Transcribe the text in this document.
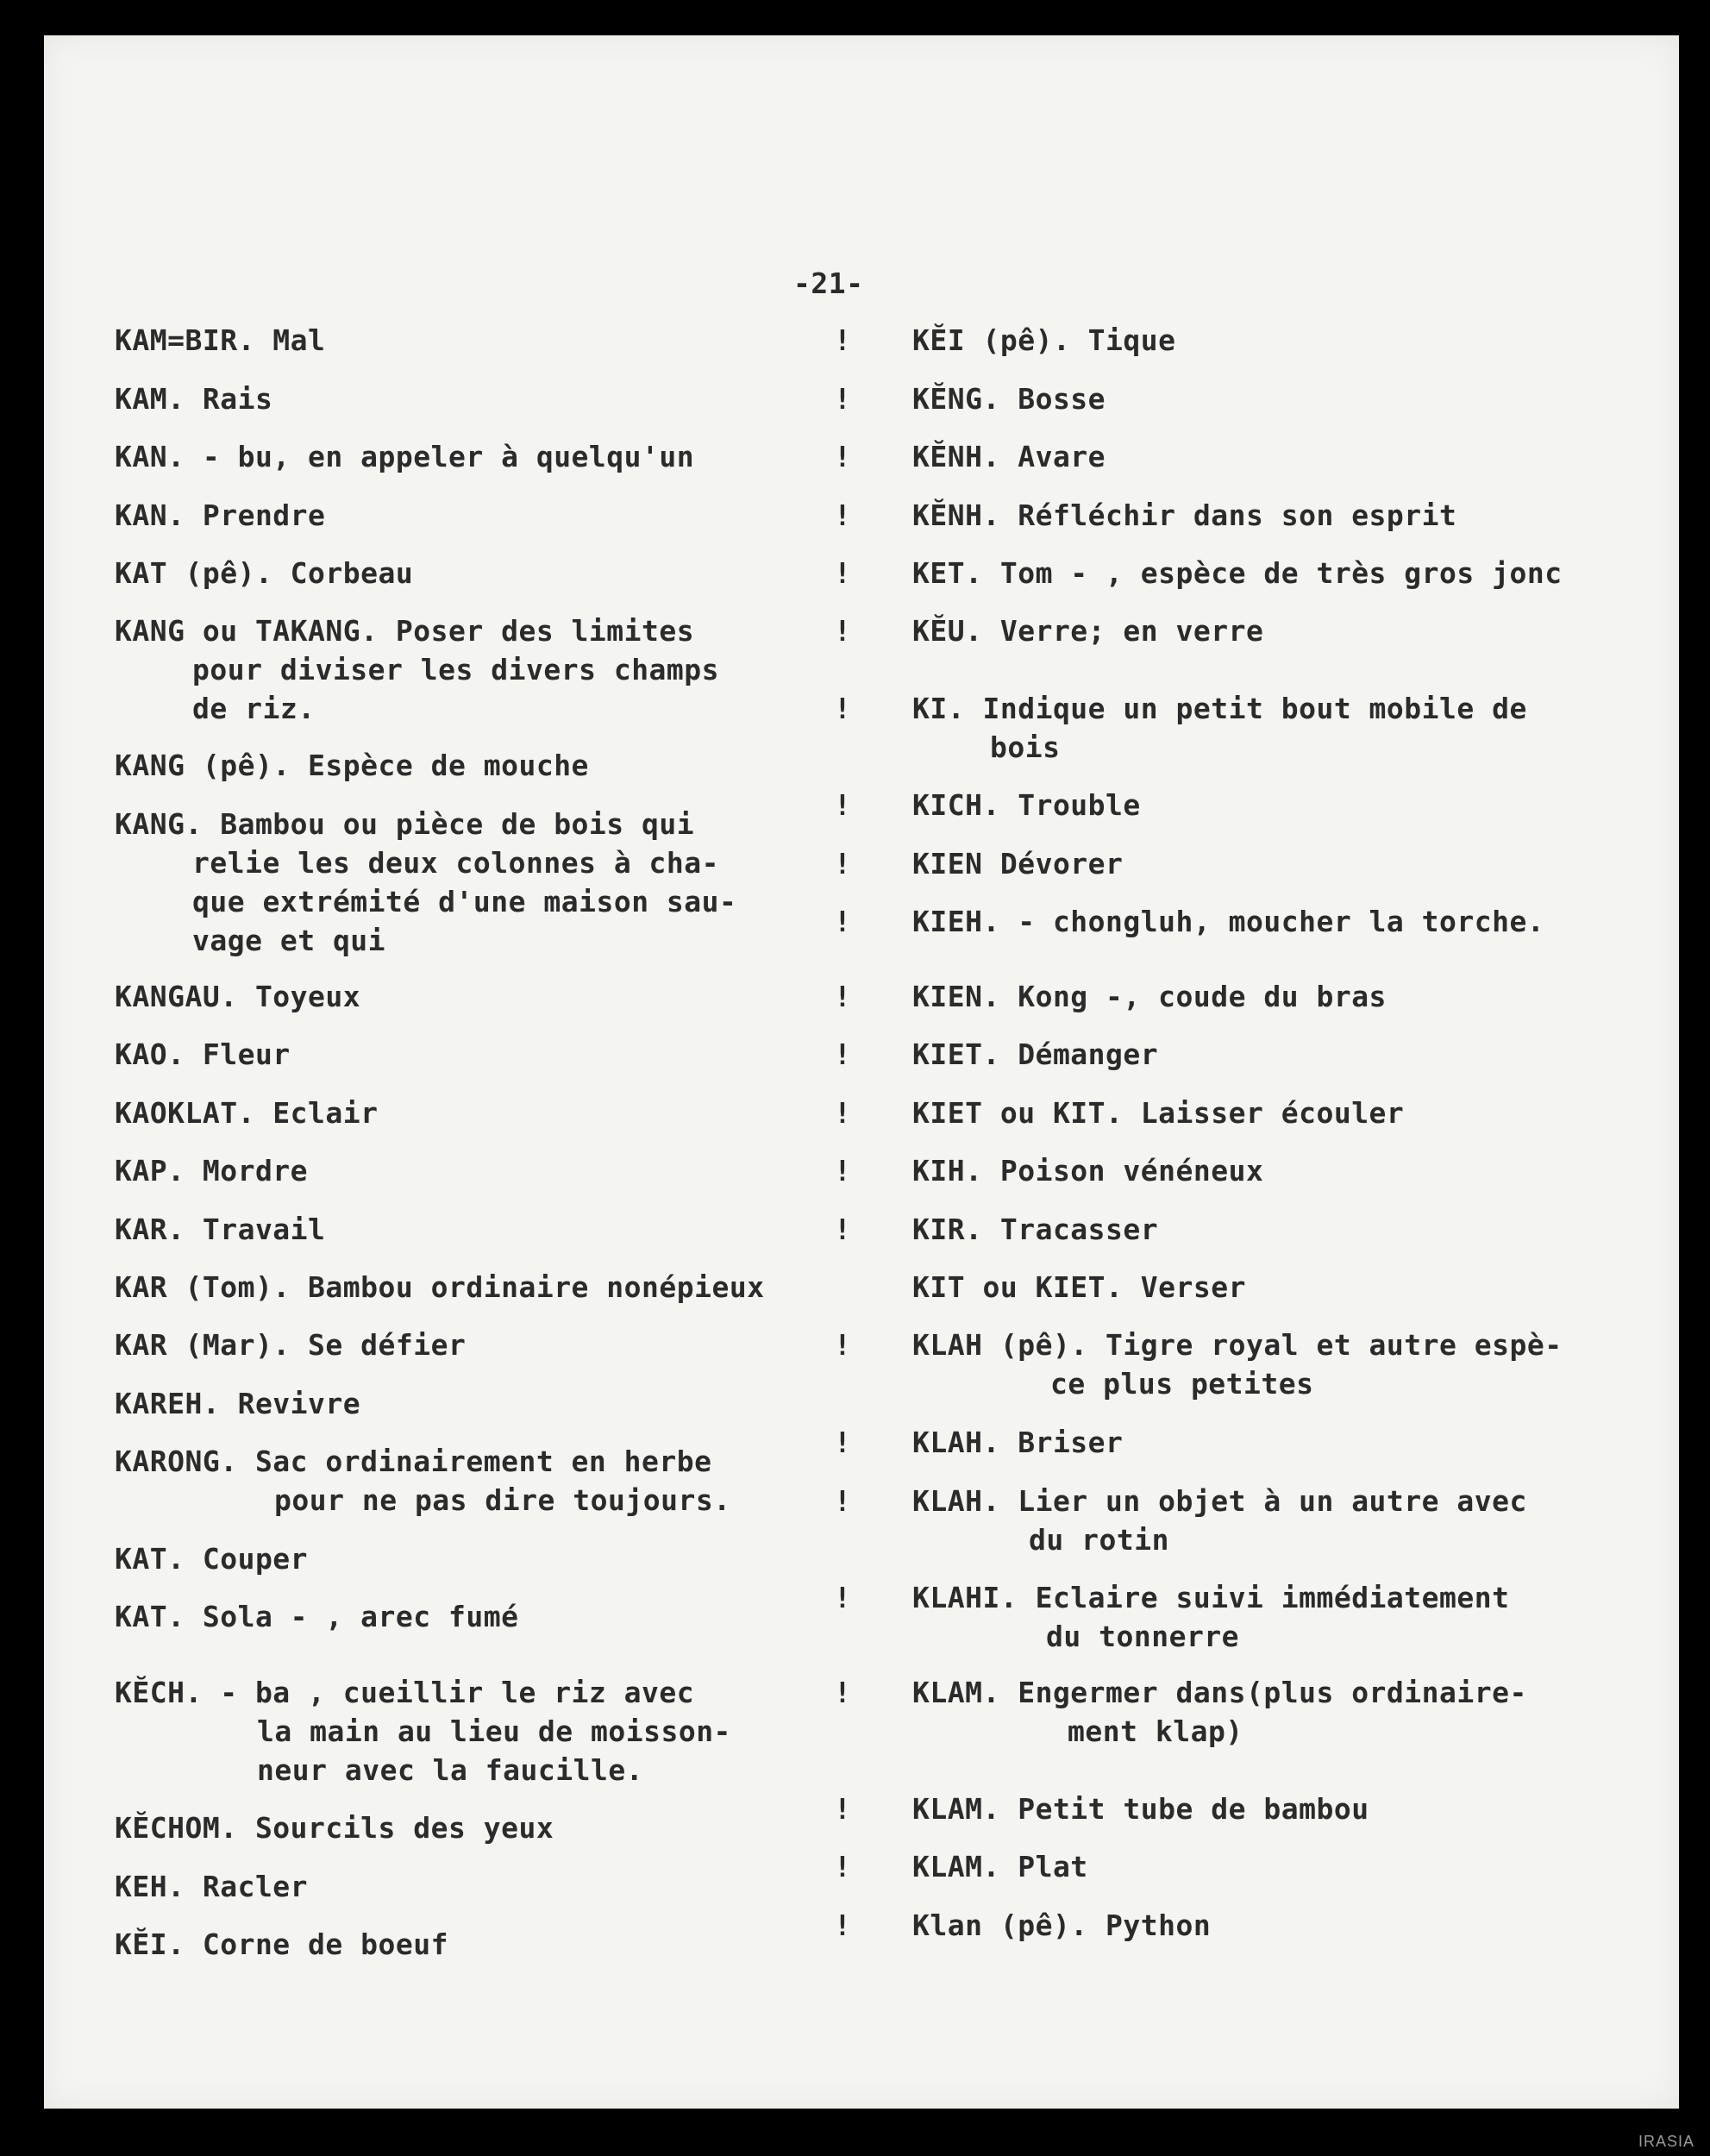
-21-
KAM=BIR. Mal
KAM. Rais
KAN. - bu, en appeler à quelqu'un
KAN. Prendre
KAT (pê). Corbeau
KANG ou TAKANG. Poser des limites
pour diviser les divers champs
de riz.
KANG (pê). Espèce de mouche
KANG. Bambou ou pièce de bois qui
relie les deux colonnes à cha-
que extrémité d'une maison sau-
vage et qui
KANGAU. Toyeux
KAO. Fleur
KAOKLAT. Eclair
KAP. Mordre
KAR. Travail
KAR (Tom). Bambou ordinaire nonépieux
KAR (Mar). Se défier
KAREH. Revivre
KARONG. Sac ordinairement en herbe
pour ne pas dire toujours.
KAT. Couper
KAT. Sola - , arec fumé
KĔCH. - ba , cueillir le riz avec
la main au lieu de moisson-
neur avec la faucille.
KĔCHOM. Sourcils des yeux
KEH. Racler
KĔI. Corne de boeuf
KĔI (pê). Tique
KĔNG. Bosse
KĔNH. Avare
KĔNH. Réfléchir dans son esprit
KET. Tom - , espèce de très gros jonc
KĔU. Verre; en verre
KI. Indique un petit bout mobile de
bois
KICH. Trouble
KIEN Dévorer
KIEH. - chongluh, moucher la torche.
KIEN. Kong -, coude du bras
KIET. Démanger
KIET ou KIT. Laisser écouler
KIH. Poison vénéneux
KIR. Tracasser
KIT ou KIET. Verser
KLAH (pê). Tigre royal et autre espè-
ce plus petites
KLAH. Briser
KLAH. Lier un objet à un autre avec
du rotin
KLAHI. Eclaire suivi immédiatement
du tonnerre
KLAM. Engermer dans(plus ordinaire-
ment klap)
KLAM. Petit tube de bambou
KLAM. Plat
Klan (pê). Python
!
!
!
!
!
!
!
!
!
!
!
!
!
!
!
!
!
!
!
!
!
!
!
IRASIA
